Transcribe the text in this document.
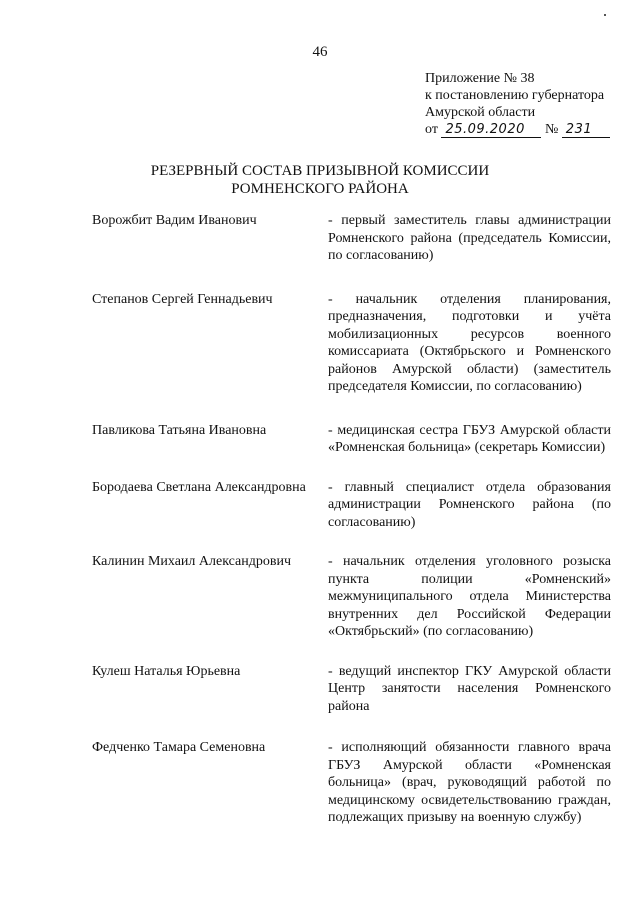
46
Приложение № 38
к постановлению губернатора
Амурской области
от 25.09.2020 № 231
РЕЗЕРВНЫЙ СОСТАВ ПРИЗЫВНОЙ КОМИССИИ
РОМНЕНСКОГО РАЙОНА
Ворожбит Вадим Иванович	- первый заместитель главы администрации Ромненского района (председатель Комиссии, по согласованию)
Степанов Сергей Геннадьевич	- начальник отделения планирования, предназначения, подготовки и учёта мобилизационных ресурсов военного комиссариата (Октябрьского и Ромненского районов Амурской области) (заместитель председателя Комиссии, по согласованию)
Павликова Татьяна Ивановна	- медицинская сестра ГБУЗ Амурской области «Ромненская больница» (секретарь Комиссии)
Бородаева Светлана Александровна	- главный специалист отдела образования администрации Ромненского района (по согласованию)
Калинин Михаил Александрович	- начальник отделения уголовного розыска пункта полиции «Ромненский» межмуниципального отдела Министерства внутренних дел Российской Федерации «Октябрьский» (по согласованию)
Кулеш Наталья Юрьевна	- ведущий инспектор ГКУ Амурской области Центр занятости населения Ромненского района
Федченко Тамара Семеновна	- исполняющий обязанности главного врача ГБУЗ Амурской области «Ромненская больница» (врач, руководящий работой по медицинскому освидетельствованию граждан, подлежащих призыву на военную службу)
